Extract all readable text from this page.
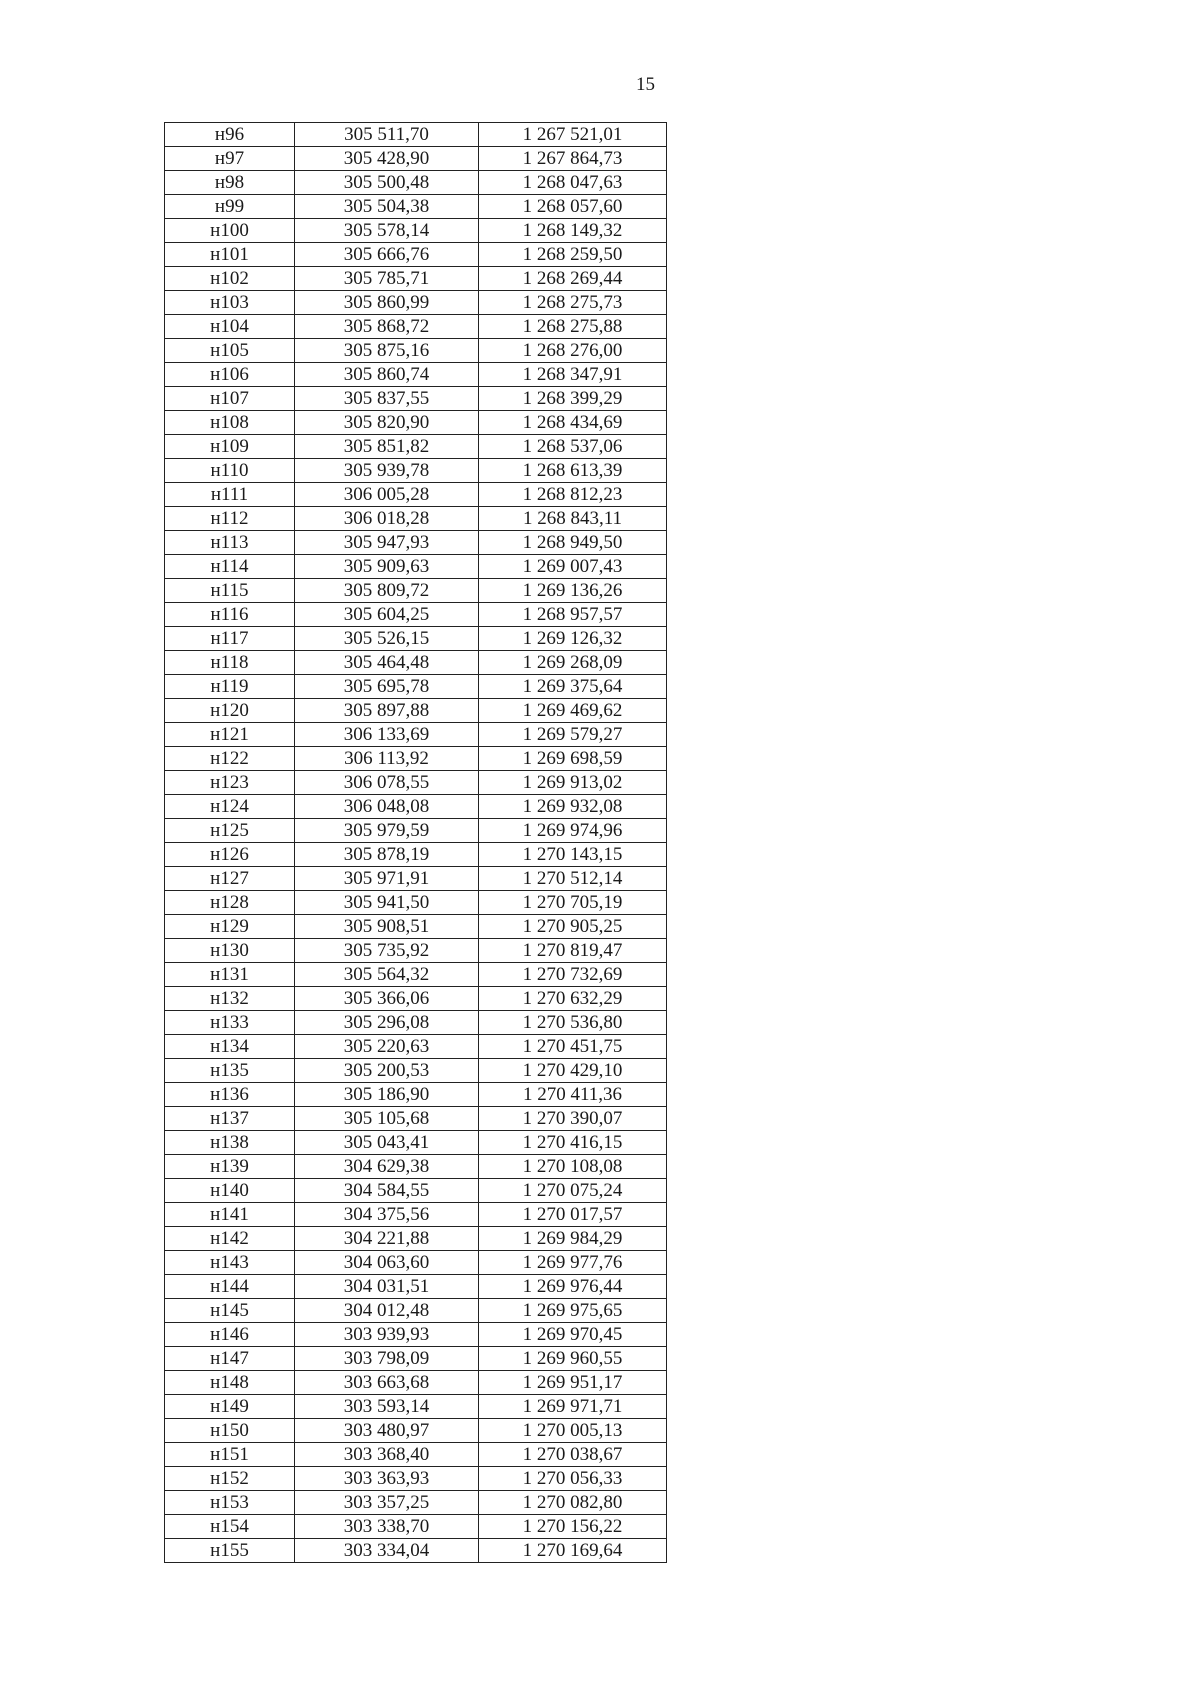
15
н96	305 511,70	1 267 521,01
н97	305 428,90	1 267 864,73
н98	305 500,48	1 268 047,63
н99	305 504,38	1 268 057,60
н100	305 578,14	1 268 149,32
н101	305 666,76	1 268 259,50
н102	305 785,71	1 268 269,44
н103	305 860,99	1 268 275,73
н104	305 868,72	1 268 275,88
н105	305 875,16	1 268 276,00
н106	305 860,74	1 268 347,91
н107	305 837,55	1 268 399,29
н108	305 820,90	1 268 434,69
н109	305 851,82	1 268 537,06
н110	305 939,78	1 268 613,39
н111	306 005,28	1 268 812,23
н112	306 018,28	1 268 843,11
н113	305 947,93	1 268 949,50
н114	305 909,63	1 269 007,43
н115	305 809,72	1 269 136,26
н116	305 604,25	1 268 957,57
н117	305 526,15	1 269 126,32
н118	305 464,48	1 269 268,09
н119	305 695,78	1 269 375,64
н120	305 897,88	1 269 469,62
н121	306 133,69	1 269 579,27
н122	306 113,92	1 269 698,59
н123	306 078,55	1 269 913,02
н124	306 048,08	1 269 932,08
н125	305 979,59	1 269 974,96
н126	305 878,19	1 270 143,15
н127	305 971,91	1 270 512,14
н128	305 941,50	1 270 705,19
н129	305 908,51	1 270 905,25
н130	305 735,92	1 270 819,47
н131	305 564,32	1 270 732,69
н132	305 366,06	1 270 632,29
н133	305 296,08	1 270 536,80
н134	305 220,63	1 270 451,75
н135	305 200,53	1 270 429,10
н136	305 186,90	1 270 411,36
н137	305 105,68	1 270 390,07
н138	305 043,41	1 270 416,15
н139	304 629,38	1 270 108,08
н140	304 584,55	1 270 075,24
н141	304 375,56	1 270 017,57
н142	304 221,88	1 269 984,29
н143	304 063,60	1 269 977,76
н144	304 031,51	1 269 976,44
н145	304 012,48	1 269 975,65
н146	303 939,93	1 269 970,45
н147	303 798,09	1 269 960,55
н148	303 663,68	1 269 951,17
н149	303 593,14	1 269 971,71
н150	303 480,97	1 270 005,13
н151	303 368,40	1 270 038,67
н152	303 363,93	1 270 056,33
н153	303 357,25	1 270 082,80
н154	303 338,70	1 270 156,22
н155	303 334,04	1 270 169,64
